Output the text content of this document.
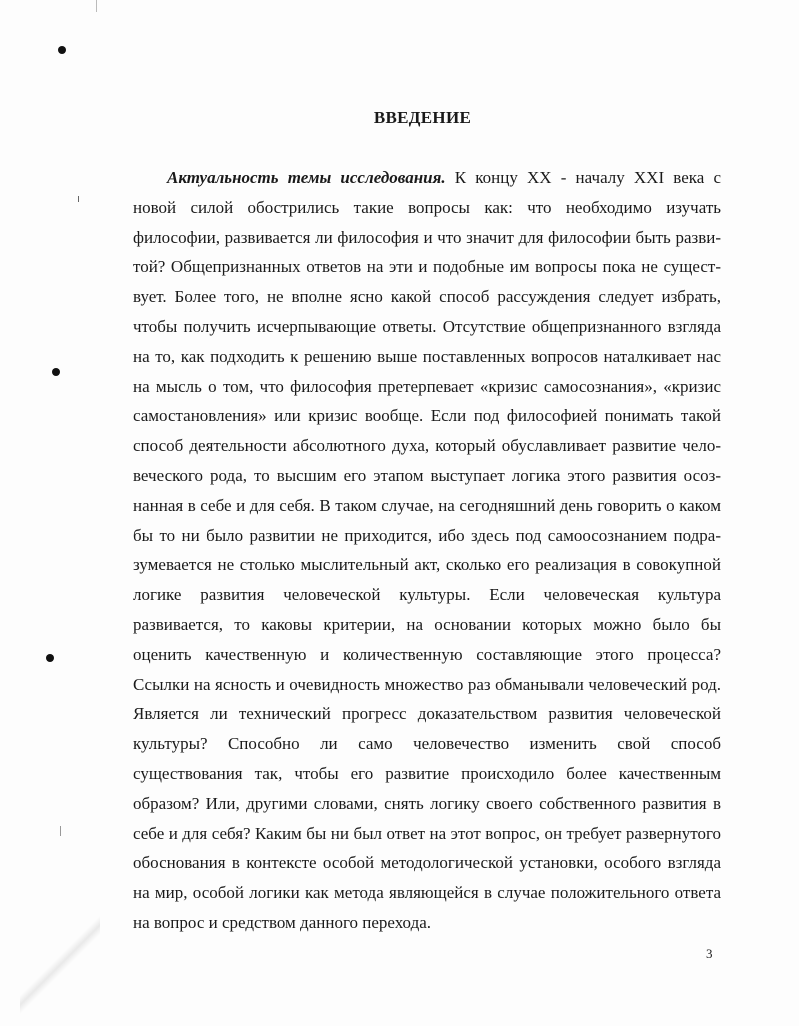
ВВЕДЕНИЕ
Актуальность темы исследования. К концу XX - началу XXI века с
новой силой обострились такие вопросы как: что необходимо изучать
философии, развивается ли философия и что значит для философии быть разви-
той? Общепризнанных ответов на эти и подобные им вопросы пока не сущест-
вует. Более того, не вполне ясно какой способ рассуждения следует избрать,
чтобы получить исчерпывающие ответы. Отсутствие общепризнанного взгляда
на то, как подходить к решению выше поставленных вопросов наталкивает нас
на мысль о том, что философия претерпевает «кризис самосознания», «кризис
самостановления» или кризис вообще. Если под философией понимать такой
способ деятельности абсолютного духа, который обуславливает развитие чело-
веческого рода, то высшим его этапом выступает логика этого развития осоз-
нанная в себе и для себя. В таком случае, на сегодняшний день говорить о каком
бы то ни было развитии не приходится, ибо здесь под самоосознанием подра-
зумевается не столько мыслительный акт, сколько его реализация в совокупной
логике развития человеческой культуры. Если человеческая культура
развивается, то каковы критерии, на основании которых можно было бы
оценить качественную и количественную составляющие этого процесса?
Ссылки на ясность и очевидность множество раз обманывали человеческий род.
Является ли технический прогресс доказательством развития человеческой
культуры? Способно ли само человечество изменить свой способ
существования так, чтобы его развитие происходило более качественным
образом? Или, другими словами, снять логику своего собственного развития в
себе и для себя? Каким бы ни был ответ на этот вопрос, он требует развернутого
обоснования в контексте особой методологической установки, особого взгляда
на мир, особой логики как метода являющейся в случае положительного ответа
на вопрос и средством данного перехода.
3
